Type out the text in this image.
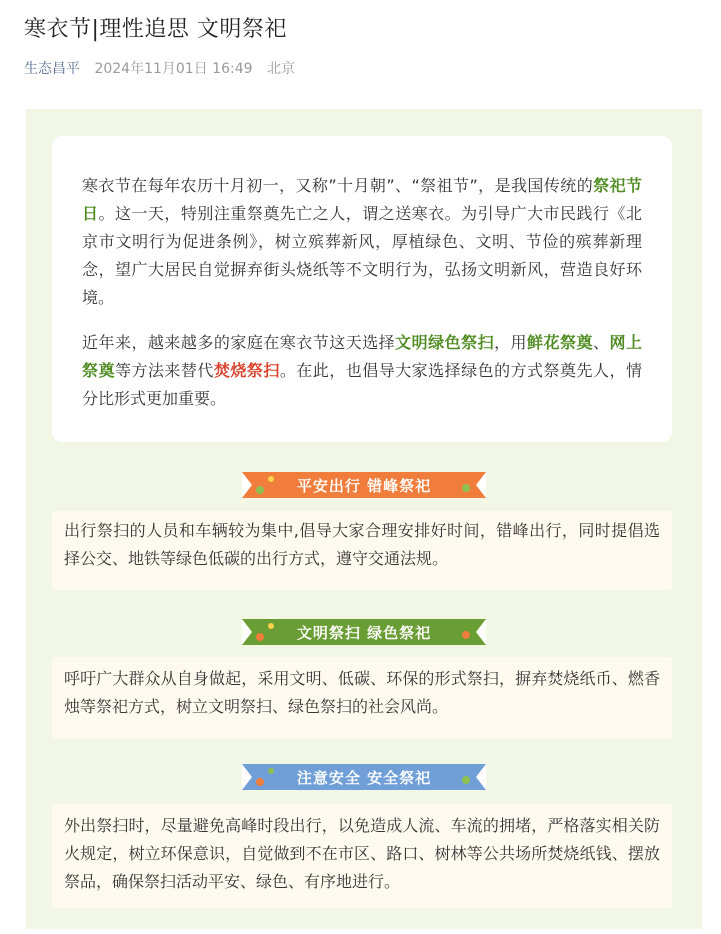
寒衣节|理性追思 文明祭祀
生态昌平 2024年11月01日 16:49 北京

寒衣节在每年农历十月初一，又称”十月朝”、“祭祖节”，是我国传统的祭祀节日。这一天，特别注重祭奠先亡之人，谓之送寒衣。为引导广大市民践行《北京市文明行为促进条例》，树立殡葬新风，厚植绿色、文明、节俭的殡葬新理念，望广大居民自觉摒弃街头烧纸等不文明行为，弘扬文明新风，营造良好环境。

近年来，越来越多的家庭在寒衣节这天选择文明绿色祭扫，用鲜花祭奠、网上祭奠等方法来替代焚烧祭扫。在此，也倡导大家选择绿色的方式祭奠先人，情分比形式更加重要。

平安出行 错峰祭祀

出行祭扫的人员和车辆较为集中,倡导大家合理安排好时间，错峰出行，同时提倡选择公交、地铁等绿色低碳的出行方式，遵守交通法规。

文明祭扫 绿色祭祀

呼吁广大群众从自身做起，采用文明、低碳、环保的形式祭扫，摒弃焚烧纸币、燃香烛等祭祀方式，树立文明祭扫、绿色祭扫的社会风尚。

注意安全 安全祭祀

外出祭扫时，尽量避免高峰时段出行，以免造成人流、车流的拥堵，严格落实相关防火规定，树立环保意识，自觉做到不在市区、路口、树林等公共场所焚烧纸钱、摆放祭品，确保祭扫活动平安、绿色、有序地进行。
